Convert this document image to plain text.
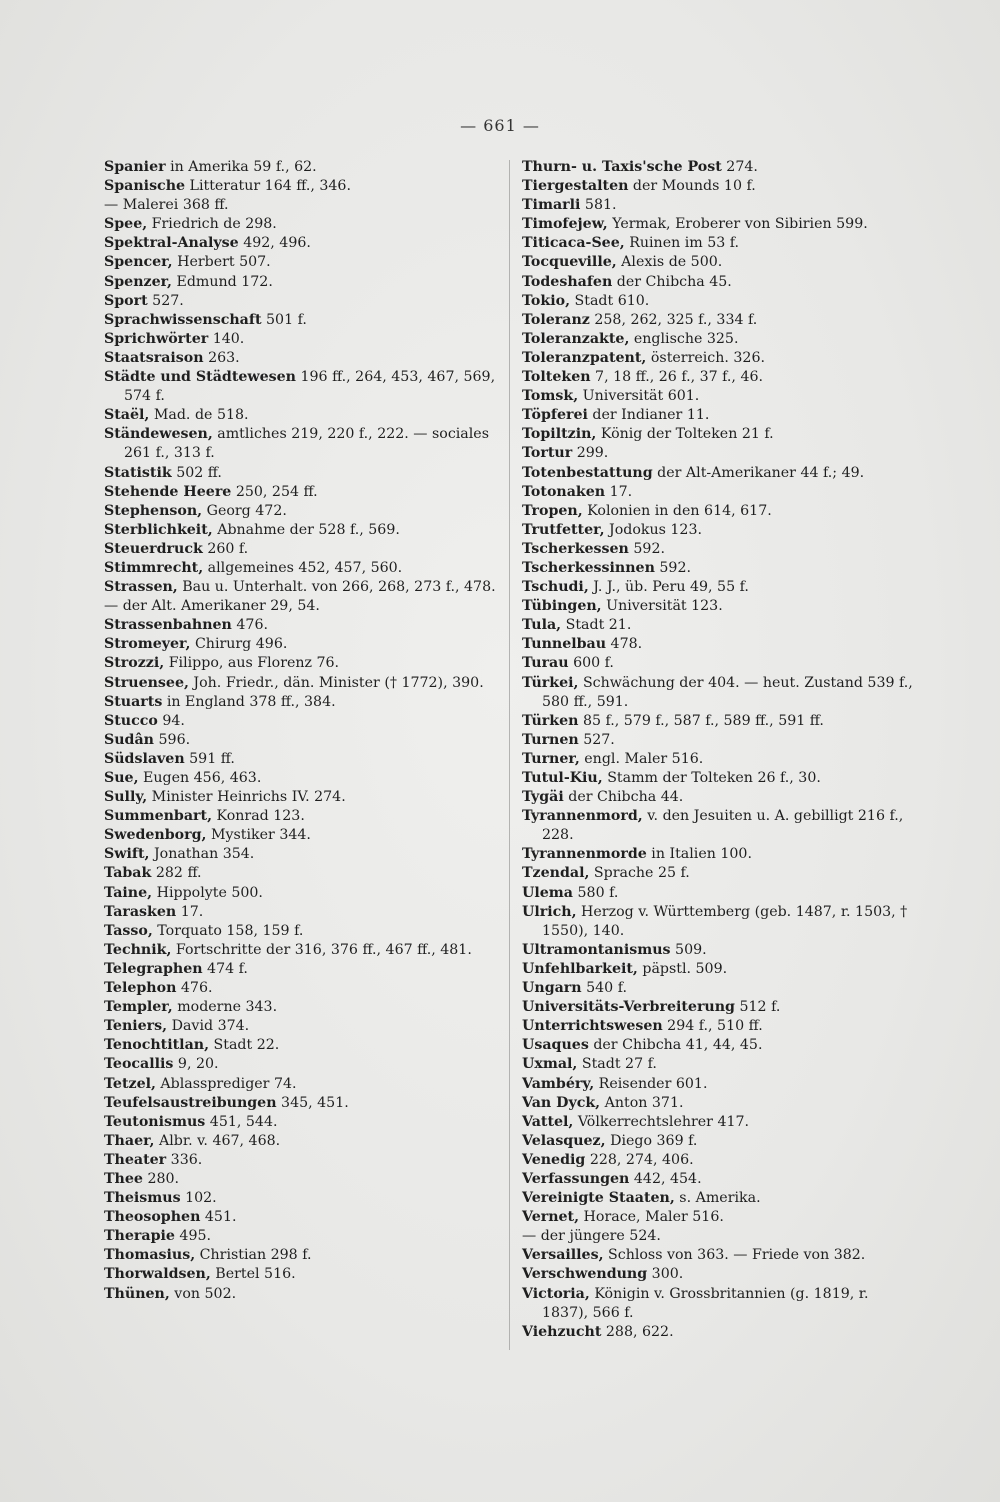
— 661 —

Spanier in Amerika 59 f., 62.

Spanische Litteratur 164 ff., 346.

— Malerei 368 ff.

Spee, Friedrich de 298.

Spektral-Analyse 492, 496.

Spencer, Herbert 507.

Spenzer, Edmund 172.

Sport 527.

Sprachwissenschaft 501 f.

Sprichwörter 140.

Staatsraison 263.

Städte und Städtewesen 196 ff., 264, 453, 467, 569, 574 f.

Staël, Mad. de 518.

Ständewesen, amtliches 219, 220 f., 222. — sociales 261 f., 313 f.

Statistik 502 ff.

Stehende Heere 250, 254 ff.

Stephenson, Georg 472.

Sterblichkeit, Abnahme der 528 f., 569.

Steuerdruck 260 f.

Stimmrecht, allgemeines 452, 457, 560.

Strassen, Bau u. Unterhalt. von 266, 268, 273 f., 478.

— der Alt. Amerikaner 29, 54.

Strassenbahnen 476.

Stromeyer, Chirurg 496.

Strozzi, Filippo, aus Florenz 76.

Struensee, Joh. Friedr., dän. Minister († 1772), 390.

Stuarts in England 378 ff., 384.

Stucco 94.

Sudân 596.

Südslaven 591 ff.

Sue, Eugen 456, 463.

Sully, Minister Heinrichs IV. 274.

Summenbart, Konrad 123.

Swedenborg, Mystiker 344.

Swift, Jonathan 354.

Tabak 282 ff.

Taine, Hippolyte 500.

Tarasken 17.

Tasso, Torquato 158, 159 f.

Technik, Fortschritte der 316, 376 ff., 467 ff., 481.

Telegraphen 474 f.

Telephon 476.

Templer, moderne 343.

Teniers, David 374.

Tenochtitlan, Stadt 22.

Teocallis 9, 20.

Tetzel, Ablassprediger 74.

Teufelsaustreibungen 345, 451.

Teutonismus 451, 544.

Thaer, Albr. v. 467, 468.

Theater 336.

Thee 280.

Theismus 102.

Theosophen 451.

Therapie 495.

Thomasius, Christian 298 f.

Thorwaldsen, Bertel 516.

Thünen, von 502.

Thurn- u. Taxis'sche Post 274.

Tiergestalten der Mounds 10 f.

Timarli 581.

Timofejew, Yermak, Eroberer von Sibirien 599.

Titicaca-See, Ruinen im 53 f.

Tocqueville, Alexis de 500.

Todeshafen der Chibcha 45.

Tokio, Stadt 610.

Toleranz 258, 262, 325 f., 334 f.

Toleranzakte, englische 325.

Toleranzpatent, österreich. 326.

Tolteken 7, 18 ff., 26 f., 37 f., 46.

Tomsk, Universität 601.

Töpferei der Indianer 11.

Topiltzin, König der Tolteken 21 f.

Tortur 299.

Totenbestattung der Alt-Amerikaner 44 f.; 49.

Totonaken 17.

Tropen, Kolonien in den 614, 617.

Trutfetter, Jodokus 123.

Tscherkessen 592.

Tscherkessinnen 592.

Tschudi, J. J., üb. Peru 49, 55 f.

Tübingen, Universität 123.

Tula, Stadt 21.

Tunnelbau 478.

Turau 600 f.

Türkei, Schwächung der 404. — heut. Zustand 539 f., 580 ff., 591.

Türken 85 f., 579 f., 587 f., 589 ff., 591 ff.

Turnen 527.

Turner, engl. Maler 516.

Tutul-Kiu, Stamm der Tolteken 26 f., 30.

Tygäi der Chibcha 44.

Tyrannenmord, v. den Jesuiten u. A. gebilligt 216 f., 228.

Tyrannenmorde in Italien 100.

Tzendal, Sprache 25 f.

Ulema 580 f.

Ulrich, Herzog v. Württemberg (geb. 1487, r. 1503, † 1550), 140.

Ultramontanismus 509.

Unfehlbarkeit, päpstl. 509.

Ungarn 540 f.

Universitäts-Verbreiterung 512 f.

Unterrichtswesen 294 f., 510 ff.

Usaques der Chibcha 41, 44, 45.

Uxmal, Stadt 27 f.

Vambéry, Reisender 601.

Van Dyck, Anton 371.

Vattel, Völkerrechtslehrer 417.

Velasquez, Diego 369 f.

Venedig 228, 274, 406.

Verfassungen 442, 454.

Vereinigte Staaten, s. Amerika.

Vernet, Horace, Maler 516.

— der jüngere 524.

Versailles, Schloss von 363. — Friede von 382.

Verschwendung 300.

Victoria, Königin v. Grossbritannien (g. 1819, r. 1837), 566 f.

Viehzucht 288, 622.
